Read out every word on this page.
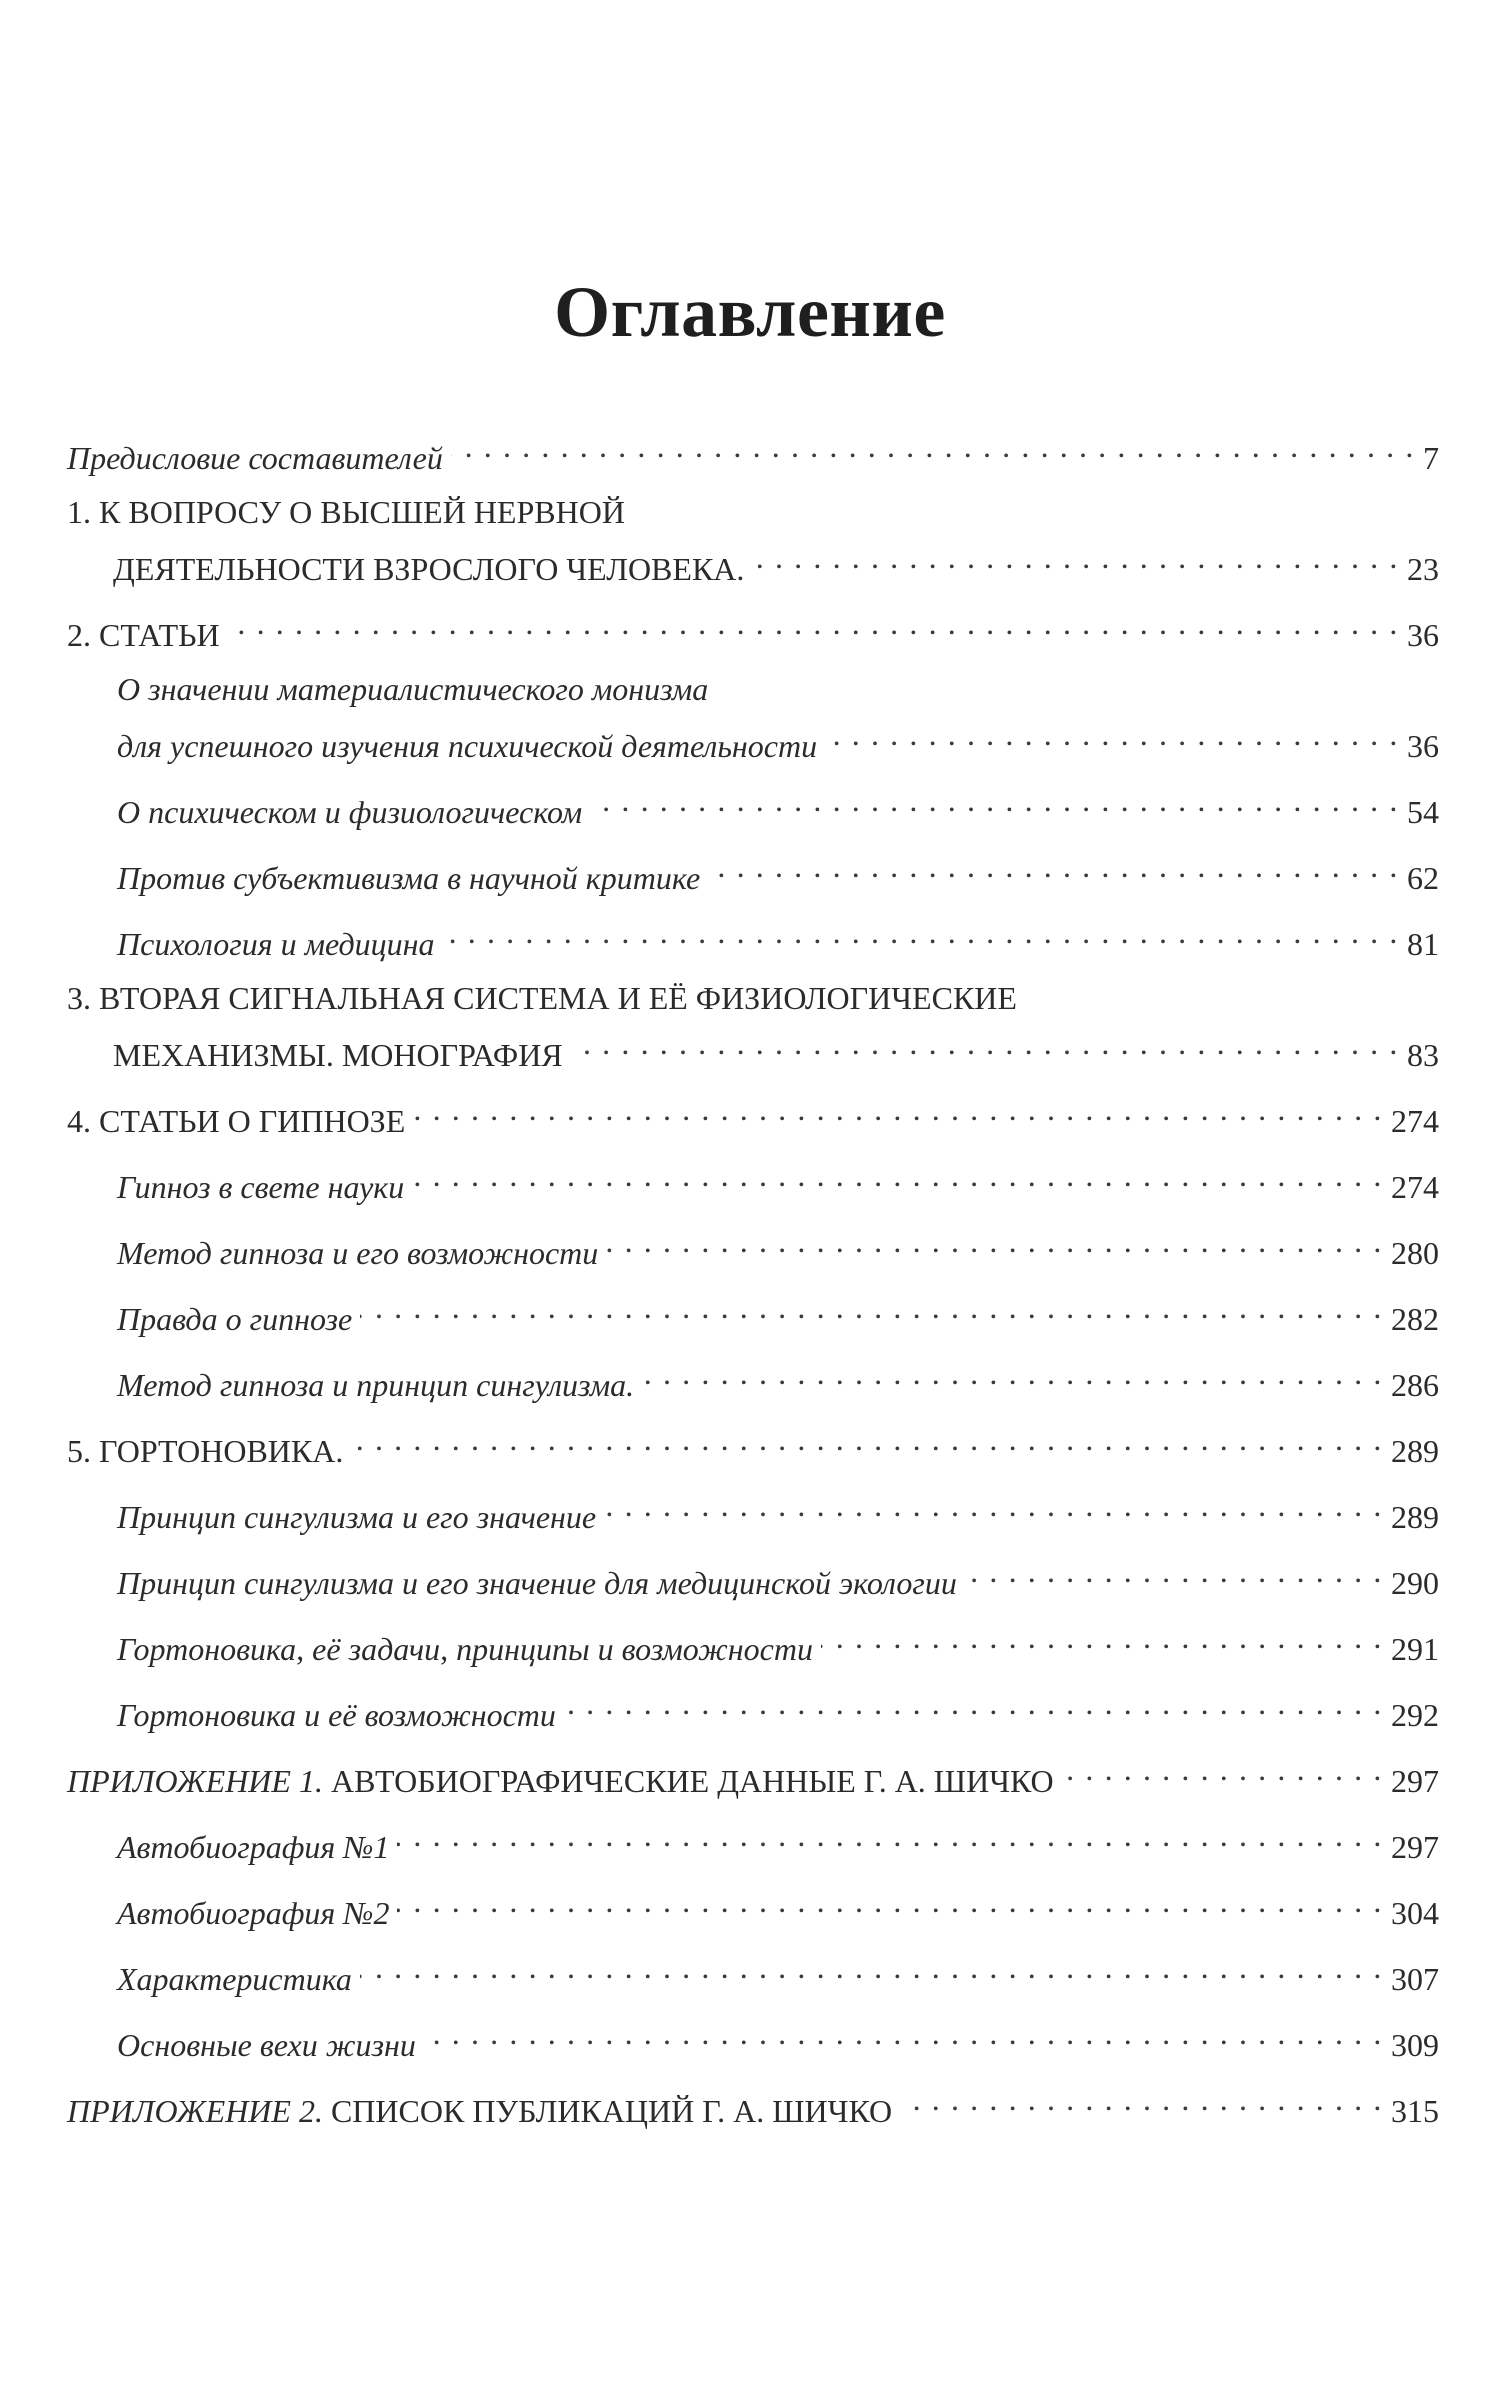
Оглавление
Предисловие составителей . . .	7
1. К ВОПРОСУ О ВЫСШЕЙ НЕРВНОЙ
ДЕЯТЕЛЬНОСТИ ВЗРОСЛОГО ЧЕЛОВЕКА. . . .	23
2. СТАТЬИ . . .	36
О значении материалистического монизма
для успешного изучения психической деятельности . . .	36
О психическом и физиологическом . . .	54
Против субъективизма в научной критике . . .	62
Психология и медицина . . .	81
3. ВТОРАЯ СИГНАЛЬНАЯ СИСТЕМА И ЕЁ ФИЗИОЛОГИЧЕСКИЕ
МЕХАНИЗМЫ. МОНОГРАФИЯ . . .	83
4. СТАТЬИ О ГИПНОЗЕ . . .	274
Гипноз в свете науки . . .	274
Метод гипноза и его возможности . . .	280
Правда о гипнозе . . .	282
Метод гипноза и принцип сингулизма. . . .	286
5. ГОРТОНОВИКА. . . .	289
Принцип сингулизма и его значение . . .	289
Принцип сингулизма и его значение для медицинской экологии . . .	290
Гортоновика, её задачи, принципы и возможности . . .	291
Гортоновика и её возможности . . .	292
ПРИЛОЖЕНИЕ 1. АВТОБИОГРАФИЧЕСКИЕ ДАННЫЕ Г. А. ШИЧКО . . .	297
Автобиография №1 . . .	297
Автобиография №2 . . .	304
Характеристика . . .	307
Основные вехи жизни . . .	309
ПРИЛОЖЕНИЕ 2. СПИСОК ПУБЛИКАЦИЙ Г. А. ШИЧКО . . .	315
